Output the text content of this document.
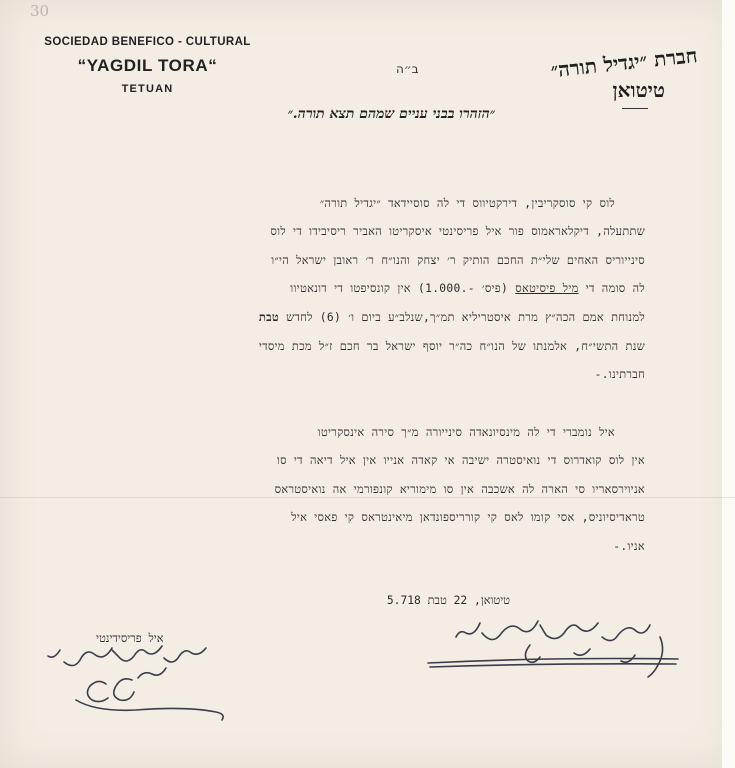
30
SOCIEDAD BENEFICO - CULTURAL
“YAGDIL TORA“
TETUAN
ב״ה	חברת ״יגדיל תורה״
טיטואן
״הזהרו בבני עניים שמהם תצא תורה.״
לוס קי סוסקריבין, דירקטיווס די לה סוסיידאד ״יגדיל תורה״
שתתעלה, דיקלאראמוס פור איל פריסינטי איסקריטו האביר ריסיבידו די לוס
סינייוריס האחים שלי״ת החכם הותיק ר׳ יצחק והנו״ח ר׳ ראובן ישראל הי״ו
לה סומה די מיל פיסיטאס (פיס׳ -.1.000) אין קונסיפטו די דונאטיוו
למנוחת אמם הכה״ץ מרת איסטריליא תמ״ך,שנלב״ע ביום ו׳ (6) לחדש טבת
שנת התשי״ח, אלמנתו של הנו״ח כה״ר יוסף ישראל בר חכם ז״ל מכת מיסדי
חברתינו.-
איל נומברי די לה מינסיונאדה סינייורה מ״ך סירה אינסקריטו
אין לוס קואדרוס די נואיסטרה ישיבה אי קאדה אנייו אין איל דיאה די סו
אניוירסאריו סי הארה לה אשכבה אין סו מימוריא קונפורמי אה נואיסטראס
טראדיסיוניס, אסי קומו לאס קי קורריספונדאן מיאינטראס קי פאסי איל
אניו.-
טיטואן, 22 טבת 5.718
איל פריסידינטי
